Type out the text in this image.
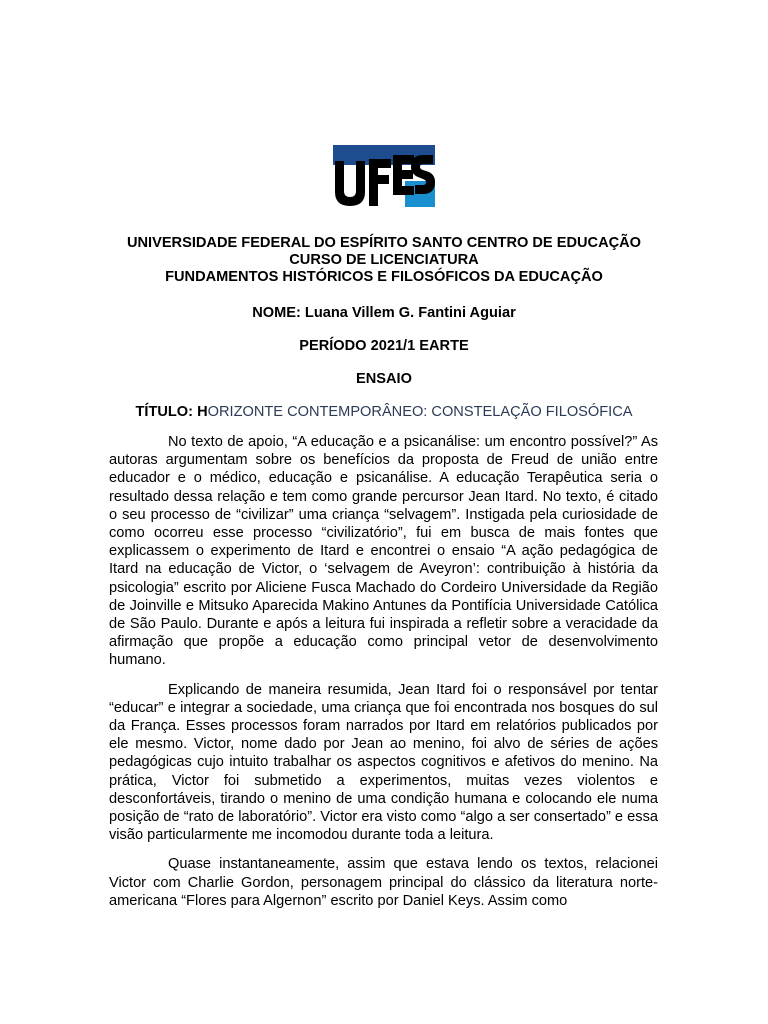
UNIVERSIDADE FEDERAL DO ESPÍRITO SANTO CENTRO DE EDUCAÇÃO
CURSO DE LICENCIATURA
FUNDAMENTOS HISTÓRICOS E FILOSÓFICOS DA EDUCAÇÃO
NOME: Luana Villem G. Fantini Aguiar
PERÍODO 2021/1 EARTE
ENSAIO
TÍTULO: HORIZONTE CONTEMPORÂNEO: CONSTELAÇÃO FILOSÓFICA

No texto de apoio, “A educação e a psicanálise: um encontro possível?” As autoras argumentam sobre os benefícios da proposta de Freud de união entre educador e o médico, educação e psicanálise. A educação Terapêutica seria o resultado dessa relação e tem como grande percursor Jean Itard. No texto, é citado o seu processo de “civilizar” uma criança “selvagem”. Instigada pela curiosidade de como ocorreu esse processo “civilizatório”, fui em busca de mais fontes que explicassem o experimento de Itard e encontrei o ensaio “A ação pedagógica de Itard na educação de Victor, o ‘selvagem de Aveyron’: contribuição à história da psicologia” escrito por Aliciene Fusca Machado do Cordeiro Universidade da Região de Joinville e Mitsuko Aparecida Makino Antunes da Pontifícia Universidade Católica de São Paulo. Durante e após a leitura fui inspirada a refletir sobre a veracidade da afirmação que propõe a educação como principal vetor de desenvolvimento humano.

Explicando de maneira resumida, Jean Itard foi o responsável por tentar “educar” e integrar a sociedade, uma criança que foi encontrada nos bosques do sul da França. Esses processos foram narrados por Itard em relatórios publicados por ele mesmo. Victor, nome dado por Jean ao menino, foi alvo de séries de ações pedagógicas cujo intuito trabalhar os aspectos cognitivos e afetivos do menino. Na prática, Victor foi submetido a experimentos, muitas vezes violentos e desconfortáveis, tirando o menino de uma condição humana e colocando ele numa posição de “rato de laboratório”. Victor era visto como “algo a ser consertado” e essa visão particularmente me incomodou durante toda a leitura.

Quase instantaneamente, assim que estava lendo os textos, relacionei Victor com Charlie Gordon, personagem principal do clássico da literatura norte-americana “Flores para Algernon” escrito por Daniel Keys. Assim como
